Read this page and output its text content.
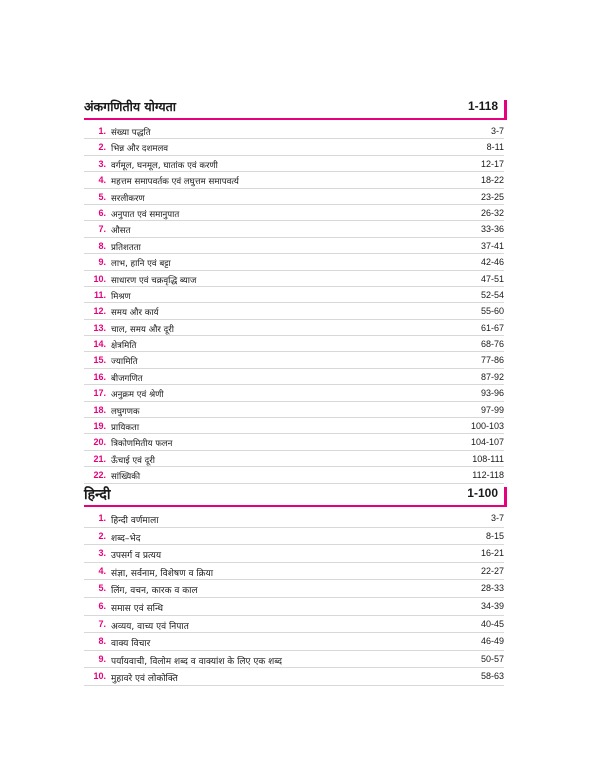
अंकगणितीय योग्यता	1-118
1. संख्या पद्धति	3-7
2. भिन्न और दशमलव	8-11
3. वर्गमूल, घनमूल, घातांक एवं करणी	12-17
4. महत्तम समापवर्तक एवं लघुत्तम समापवर्त्य	18-22
5. सरलीकरण	23-25
6. अनुपात एवं समानुपात	26-32
7. औसत	33-36
8. प्रतिशतता	37-41
9. लाभ, हानि एवं बट्टा	42-46
10. साधारण एवं चक्रवृद्धि ब्याज	47-51
11. मिश्रण	52-54
12. समय और कार्य	55-60
13. चाल, समय और दूरी	61-67
14. क्षेत्रमिति	68-76
15. ज्यामिति	77-86
16. बीजगणित	87-92
17. अनुक्रम एवं श्रेणी	93-96
18. लघुगणक	97-99
19. प्रायिकता	100-103
20. त्रिकोणमितीय फलन	104-107
21. ऊँचाई एवं दूरी	108-111
22. सांख्यिकी	112-118
हिन्दी	1-100
1. हिन्दी वर्णमाला	3-7
2. शब्द–भेद	8-15
3. उपसर्ग व प्रत्यय	16-21
4. संज्ञा, सर्वनाम, विशेषण व क्रिया	22-27
5. लिंग, वचन, कारक व काल	28-33
6. समास एवं सन्धि	34-39
7. अव्यय, वाच्य एवं निपात	40-45
8. वाक्य विचार	46-49
9. पर्यायवाची, विलोम शब्द व वाक्यांश के लिए एक शब्द	50-57
10. मुहावरे एवं लोकोक्ति	58-63
